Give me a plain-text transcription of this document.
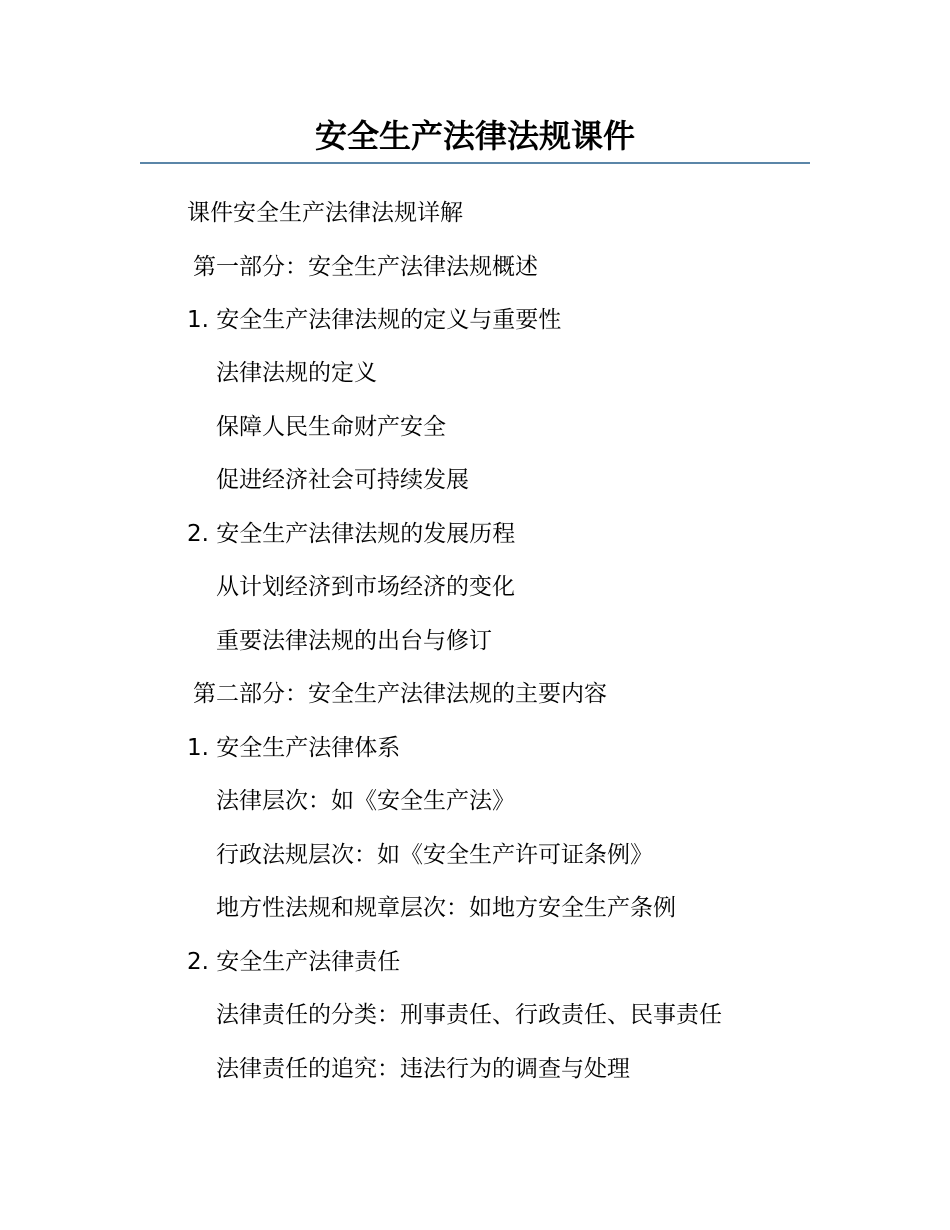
安全生产法律法规课件
课件安全生产法律法规详解
第一部分：安全生产法律法规概述
1. 安全生产法律法规的定义与重要性
法律法规的定义
保障人民生命财产安全
促进经济社会可持续发展
2. 安全生产法律法规的发展历程
从计划经济到市场经济的变化
重要法律法规的出台与修订
第二部分：安全生产法律法规的主要内容
1. 安全生产法律体系
法律层次：如《安全生产法》
行政法规层次：如《安全生产许可证条例》
地方性法规和规章层次：如地方安全生产条例
2. 安全生产法律责任
法律责任的分类：刑事责任、行政责任、民事责任
法律责任的追究：违法行为的调查与处理
